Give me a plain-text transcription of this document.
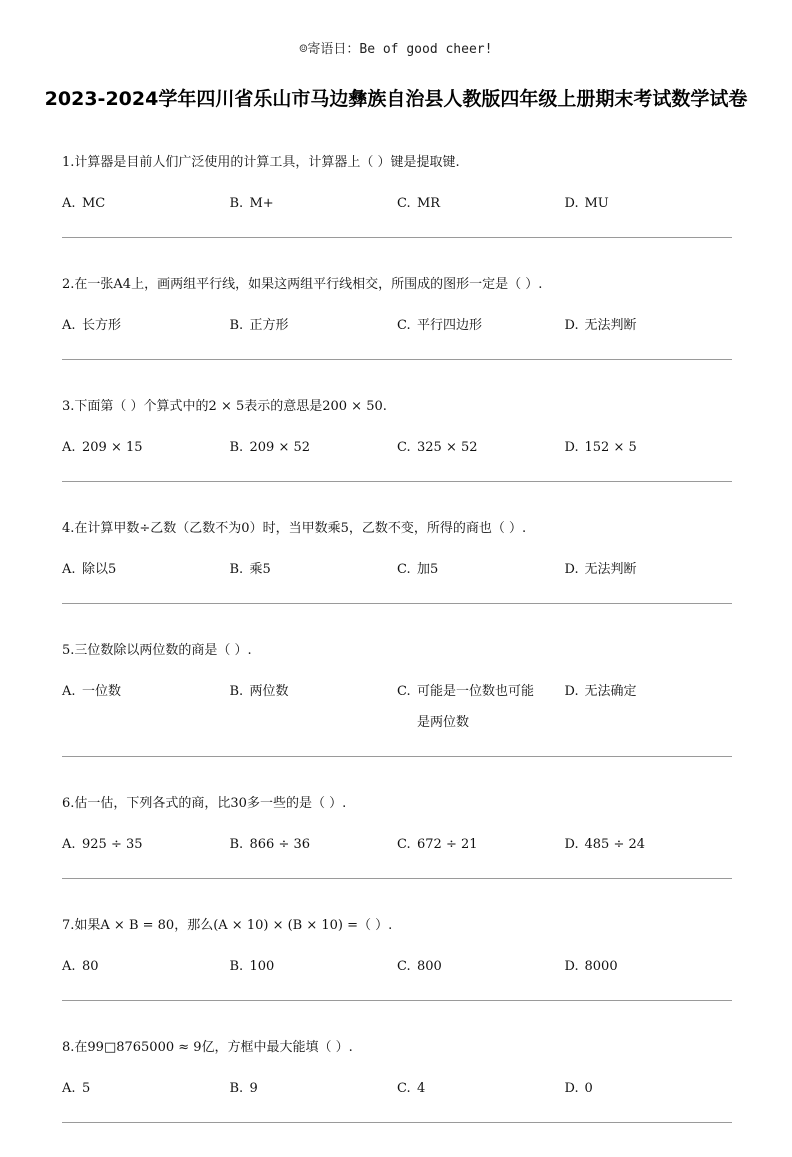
☺寄语日：Be of good cheer!
2023-2024学年四川省乐山市马边彝族自治县人教版四年级上册期末考试数学试卷
1.计算器是目前人们广泛使用的计算工具，计算器上（ ）键是提取键.
A. MC	B. M+	C. MR	D. MU
2.在一张A4上，画两组平行线，如果这两组平行线相交，所围成的图形一定是（ ）.
A. 长方形	B. 正方形	C. 平行四边形	D. 无法判断
3.下面第（ ）个算式中的2 × 5表示的意思是200 × 50.
A. 209 × 15	B. 209 × 52	C. 325 × 52	D. 152 × 5
4.在计算甲数÷乙数（乙数不为0）时，当甲数乘5，乙数不变，所得的商也（ ）.
A. 除以5	B. 乘5	C. 加5	D. 无法判断
5.三位数除以两位数的商是（ ）.
A. 一位数	B. 两位数	C. 可能是一位数也可能是两位数
D. 无法确定
6.估一估，下列各式的商，比30多一些的是（ ）.
A. 925 ÷ 35	B. 866 ÷ 36	C. 672 ÷ 21	D. 485 ÷ 24
7.如果A × B = 80，那么(A × 10) × (B × 10) =（ ）.
A. 80	B. 100	C. 800	D. 8000
8.在99□8765000 ≈ 9亿，方框中最大能填（ ）.
A. 5	B. 9	C. 4	D. 0
